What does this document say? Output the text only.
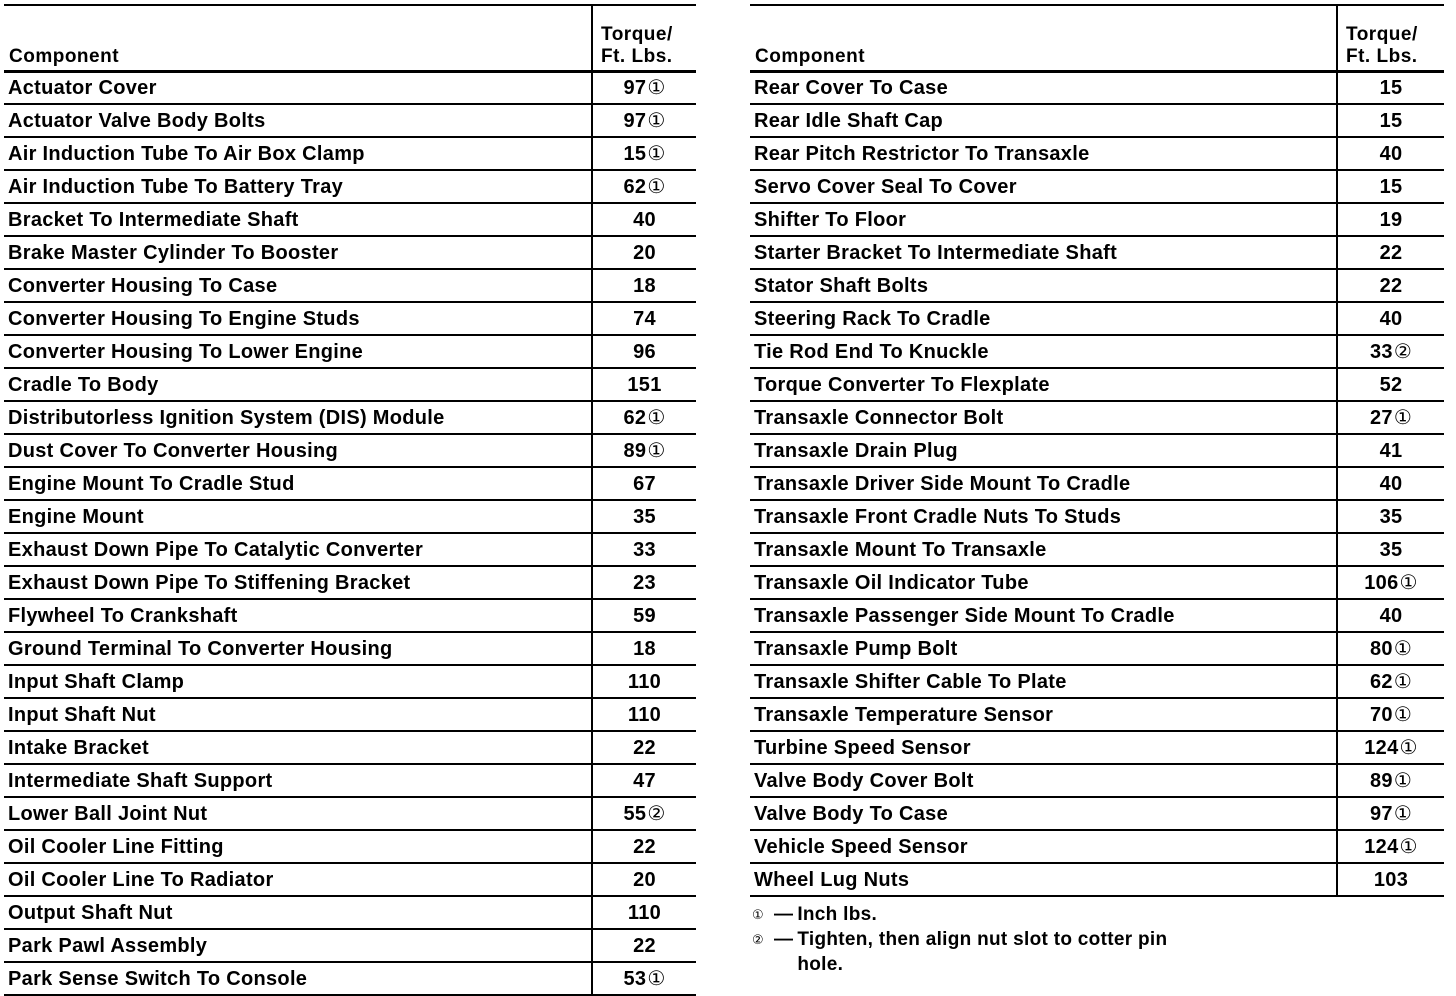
Component	Torque/
Ft. Lbs.
Actuator Cover	97①
Actuator Valve Body Bolts	97①
Air Induction Tube To Air Box Clamp	15①
Air Induction Tube To Battery Tray	62①
Bracket To Intermediate Shaft	40
Brake Master Cylinder To Booster	20
Converter Housing To Case	18
Converter Housing To Engine Studs	74
Converter Housing To Lower Engine	96
Cradle To Body	151
Distributorless Ignition System (DIS) Module	62①
Dust Cover To Converter Housing	89①
Engine Mount To Cradle Stud	67
Engine Mount	35
Exhaust Down Pipe To Catalytic Converter	33
Exhaust Down Pipe To Stiffening Bracket	23
Flywheel To Crankshaft	59
Ground Terminal To Converter Housing	18
Input Shaft Clamp	110
Input Shaft Nut	110
Intake Bracket	22
Intermediate Shaft Support	47
Lower Ball Joint Nut	55②
Oil Cooler Line Fitting	22
Oil Cooler Line To Radiator	20
Output Shaft Nut	110
Park Pawl Assembly	22
Park Sense Switch To Console	53①
Component	Torque/
Ft. Lbs.
Rear Cover To Case	15
Rear Idle Shaft Cap	15
Rear Pitch Restrictor To Transaxle	40
Servo Cover Seal To Cover	15
Shifter To Floor	19
Starter Bracket To Intermediate Shaft	22
Stator Shaft Bolts	22
Steering Rack To Cradle	40
Tie Rod End To Knuckle	33②
Torque Converter To Flexplate	52
Transaxle Connector Bolt	27①
Transaxle Drain Plug	41
Transaxle Driver Side Mount To Cradle	40
Transaxle Front Cradle Nuts To Studs	35
Transaxle Mount To Transaxle	35
Transaxle Oil Indicator Tube	106①
Transaxle Passenger Side Mount To Cradle	40
Transaxle Pump Bolt	80①
Transaxle Shifter Cable To Plate	62①
Transaxle Temperature Sensor	70①
Turbine Speed Sensor	124①
Valve Body Cover Bolt	89①
Valve Body To Case	97①
Vehicle Speed Sensor	124①
Wheel Lug Nuts	103
① — Inch lbs.
② — Tighten, then align nut slot to cotter pin hole.
